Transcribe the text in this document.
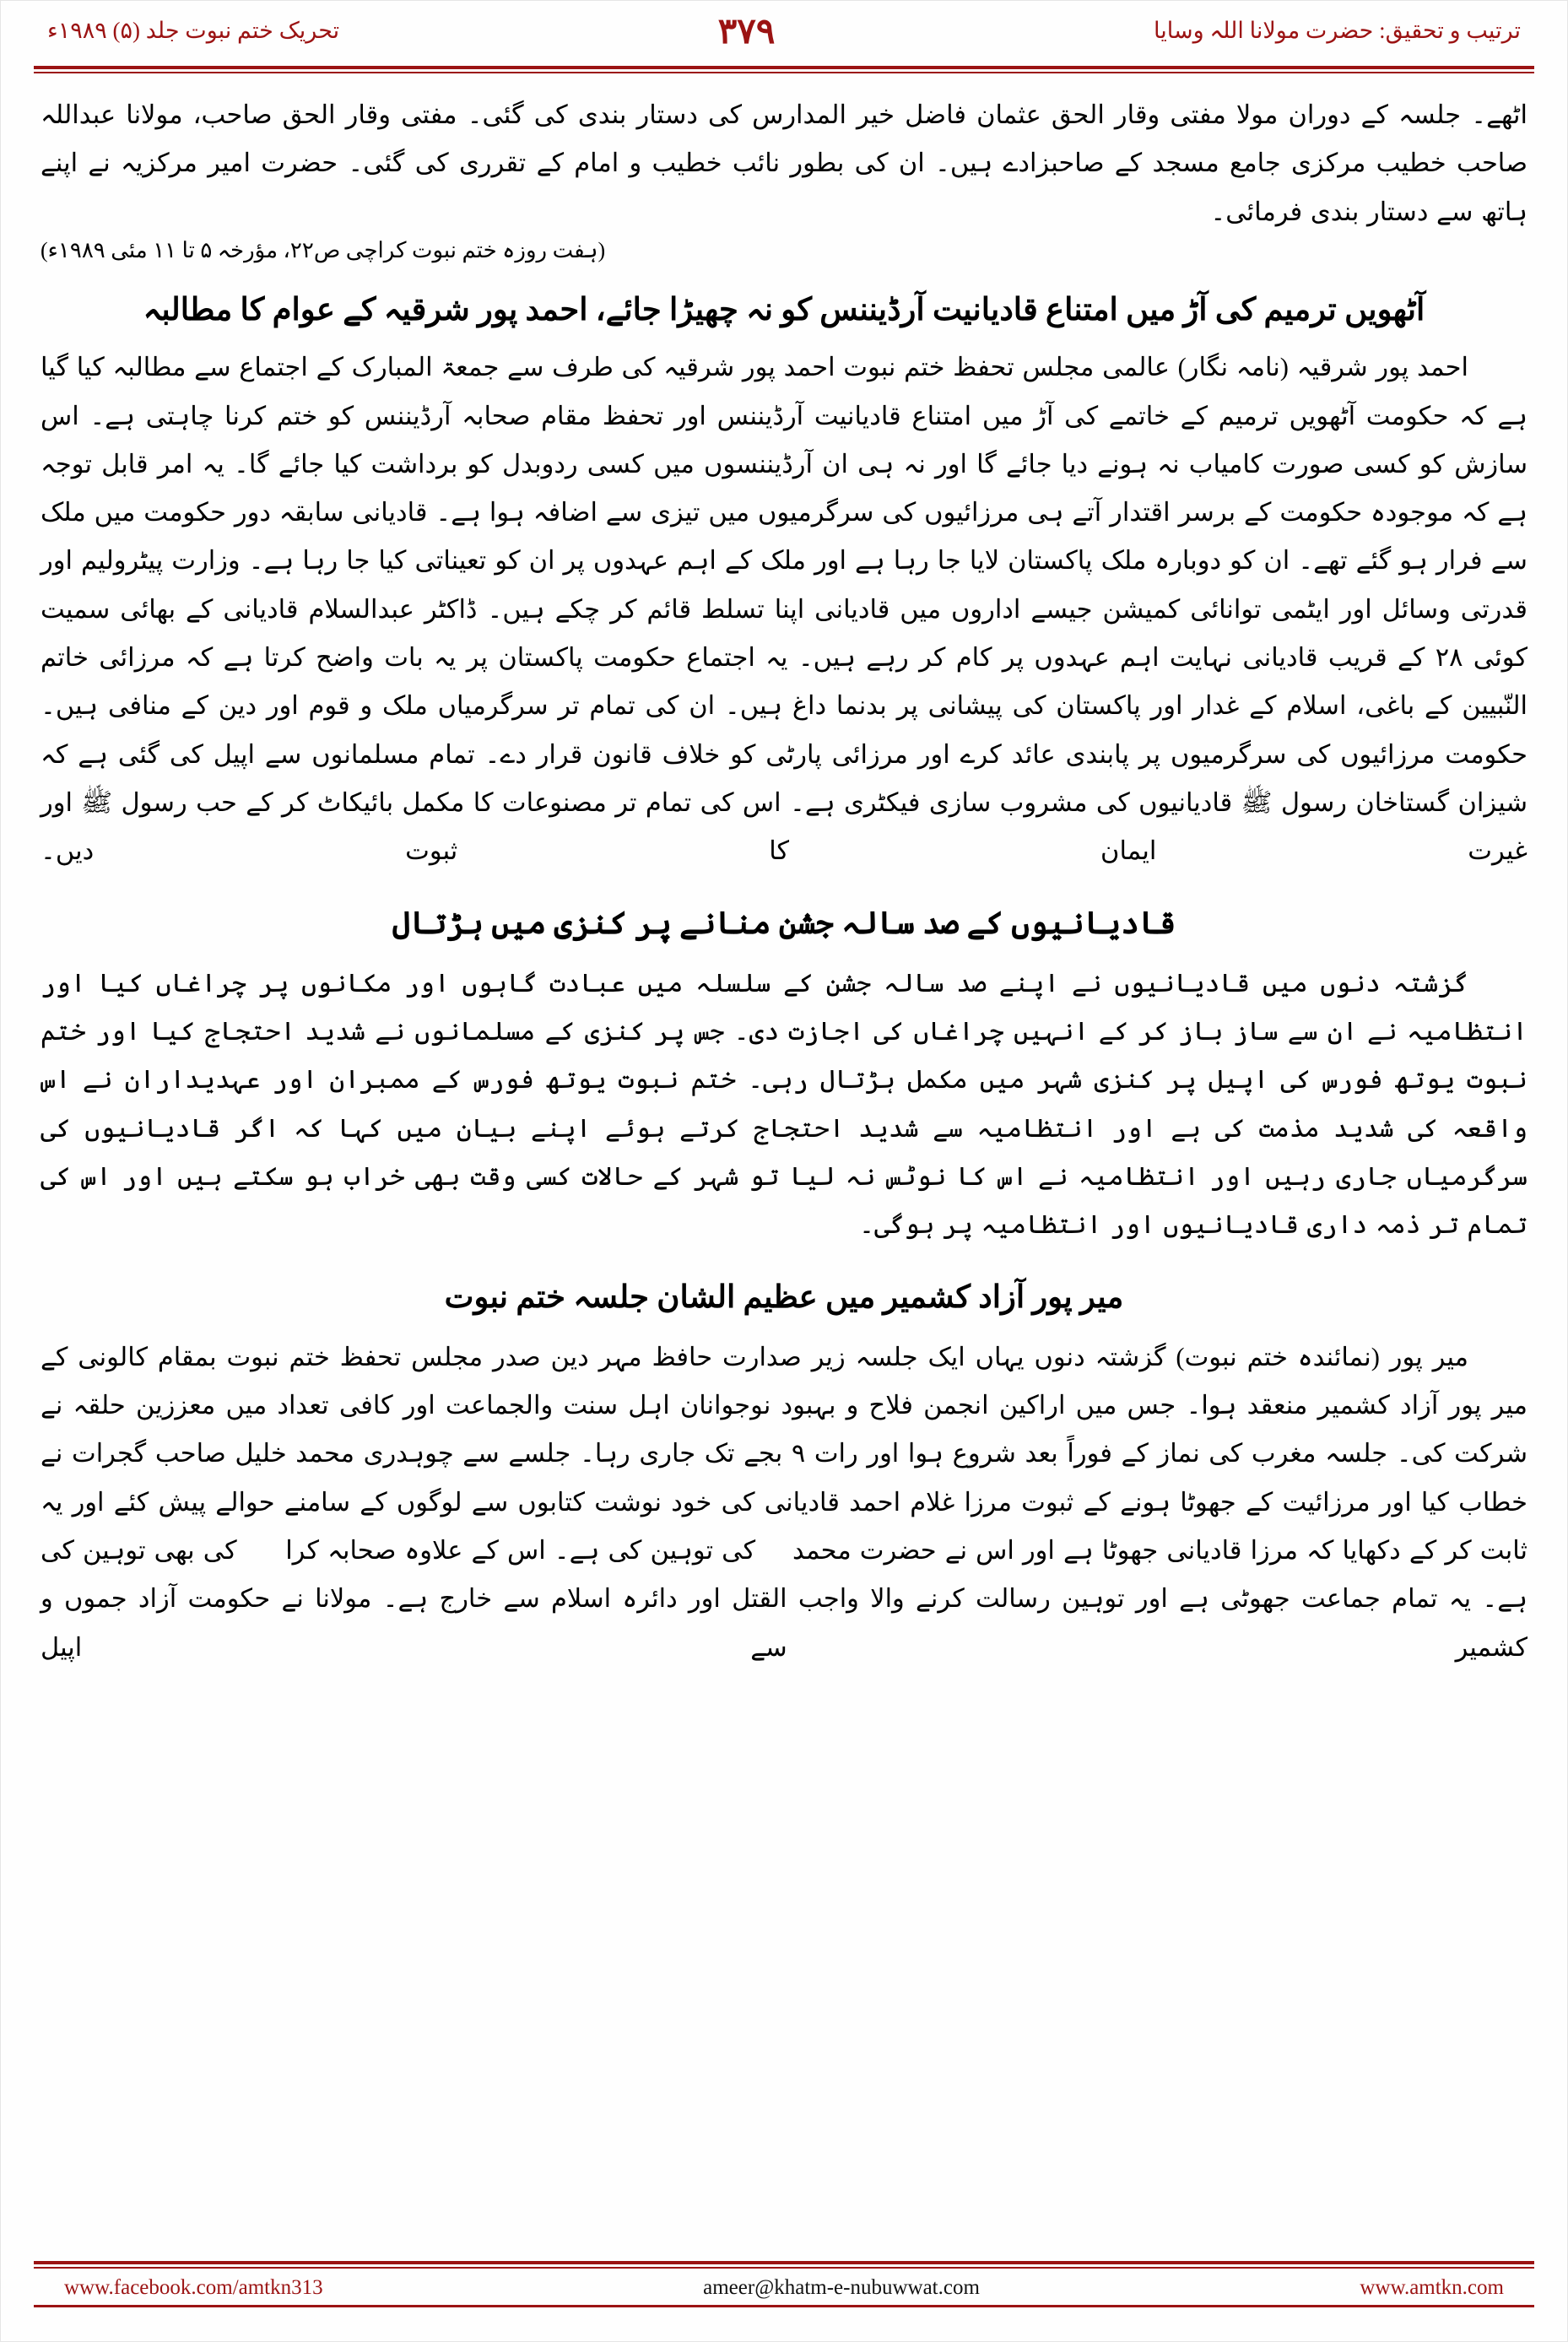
ترتیب و تحقیق: حضرت مولانا اللہ وسایا
۳۷۹
تحریک ختم نبوت جلد (۵) ۱۹۸۹ء

اٹھے۔ جلسہ کے دوران مولا مفتی وقار الحق عثمان فاضل خیر المدارس کی دستار بندی کی گئی۔ مفتی وقار الحق صاحب، مولانا عبداللہ صاحب خطیب مرکزی جامع مسجد کے صاحبزادے ہیں۔ ان کی بطور نائب خطیب و امام کے تقرری کی گئی۔ حضرت امیر مرکزیہ نے اپنے ہاتھ سے دستار بندی فرمائی۔

(ہفت روزہ ختم نبوت کراچی ص۲۲، مؤرخہ ۵ تا ۱۱ مئی ۱۹۸۹ء)
آٹھویں ترمیم کی آڑ میں امتناع قادیانیت آرڈیننس کو نہ چھیڑا جائے، احمد پور شرقیہ کے عوام کا مطالبہ

احمد پور شرقیہ (نامہ نگار) عالمی مجلس تحفظ ختم نبوت احمد پور شرقیہ کی طرف سے جمعۃ المبارک کے اجتماع سے مطالبہ کیا گیا ہے کہ حکومت آٹھویں ترمیم کے خاتمے کی آڑ میں امتناع قادیانیت آرڈیننس اور تحفظ مقام صحابہ آرڈیننس کو ختم کرنا چاہتی ہے۔ اس سازش کو کسی صورت کامیاب نہ ہونے دیا جائے گا اور نہ ہی ان آرڈیننسوں میں کسی ردوبدل کو برداشت کیا جائے گا۔ یہ امر قابل توجہ ہے کہ موجودہ حکومت کے برسر اقتدار آتے ہی مرزائیوں کی سرگرمیوں میں تیزی سے اضافہ ہوا ہے۔ قادیانی سابقہ دور حکومت میں ملک سے فرار ہو گئے تھے۔ ان کو دوبارہ ملک پاکستان لایا جا رہا ہے اور ملک کے اہم عہدوں پر ان کو تعیناتی کیا جا رہا ہے۔ وزارت پیٹرولیم اور قدرتی وسائل اور ایٹمی توانائی کمیشن جیسے اداروں میں قادیانی اپنا تسلط قائم کر چکے ہیں۔ ڈاکٹر عبدالسلام قادیانی کے بھائی سمیت کوئی ۲۸ کے قریب قادیانی نہایت اہم عہدوں پر کام کر رہے ہیں۔ یہ اجتماع حکومت پاکستان پر یہ بات واضح کرتا ہے کہ مرزائی خاتم النّبیین کے باغی، اسلام کے غدار اور پاکستان کی پیشانی پر بدنما داغ ہیں۔ ان کی تمام تر سرگرمیاں ملک و قوم اور دین کے منافی ہیں۔ حکومت مرزائیوں کی سرگرمیوں پر پابندی عائد کرے اور مرزائی پارٹی کو خلاف قانون قرار دے۔ تمام مسلمانوں سے اپیل کی گئی ہے کہ شیزان گستاخان رسول ﷺ قادیانیوں کی مشروب سازی فیکٹری ہے۔ اس کی تمام تر مصنوعات کا مکمل بائیکاٹ کر کے حب رسول ﷺ اور غیرت ایمان کا ثبوت دیں۔

قادیانیوں کے صد سالہ جشن منانے پر کنزی میں ہڑتال

گزشتہ دنوں میں قادیانیوں نے اپنے صد سالہ جشن کے سلسلہ میں عبادت گاہوں اور مکانوں پر چراغاں کیا اور انتظامیہ نے ان سے ساز باز کر کے انہیں چراغاں کی اجازت دی۔ جس پر کنزی کے مسلمانوں نے شدید احتجاج کیا اور ختم نبوت یوتھ فورس کی اپیل پر کنزی شہر میں مکمل ہڑتال رہی۔ ختم نبوت یوتھ فورس کے ممبران اور عہدیداران نے اس واقعہ کی شدید مذمت کی ہے اور انتظامیہ سے شدید احتجاج کرتے ہوئے اپنے بیان میں کہا کہ اگر قادیانیوں کی سرگرمیاں جاری رہیں اور انتظامیہ نے اس کا نوٹس نہ لیا تو شہر کے حالات کسی وقت بھی خراب ہو سکتے ہیں اور اس کی تمام تر ذمہ داری قادیانیوں اور انتظامیہ پر ہوگی۔

میر پور آزاد کشمیر میں عظیم الشان جلسہ ختم نبوت

میر پور (نمائندہ ختم نبوت) گزشتہ دنوں یہاں ایک جلسہ زیر صدارت حافظ مہر دین صدر مجلس تحفظ ختم نبوت بمقام کالونی کے میر پور آزاد کشمیر منعقد ہوا۔ جس میں اراکین انجمن فلاح و بہبود نوجوانان اہل سنت والجماعت اور کافی تعداد میں معززین حلقہ نے شرکت کی۔ جلسہ مغرب کی نماز کے فوراً بعد شروع ہوا اور رات ۹ بجے تک جاری رہا۔ جلسے سے چوہدری محمد خلیل صاحب گجرات نے خطاب کیا اور مرزائیت کے جھوٹا ہونے کے ثبوت مرزا غلام احمد قادیانی کی خود نوشت کتابوں سے لوگوں کے سامنے حوالے پیش کئے اور یہ ثابت کر کے دکھایا کہ مرزا قادیانی جھوٹا ہے اور اس نے حضرت محمد ﷺ کی توہین کی ہے۔ اس کے علاوہ صحابہ کرامؓ کی بھی توہین کی ہے۔ یہ تمام جماعت جھوٹی ہے اور توہین رسالت کرنے والا واجب القتل اور دائرہ اسلام سے خارج ہے۔ مولانا نے حکومت آزاد جموں و کشمیر سے اپیل

www.amtkn.com
ameer@khatm-e-nubuwwat.com
www.facebook.com/amtkn313
